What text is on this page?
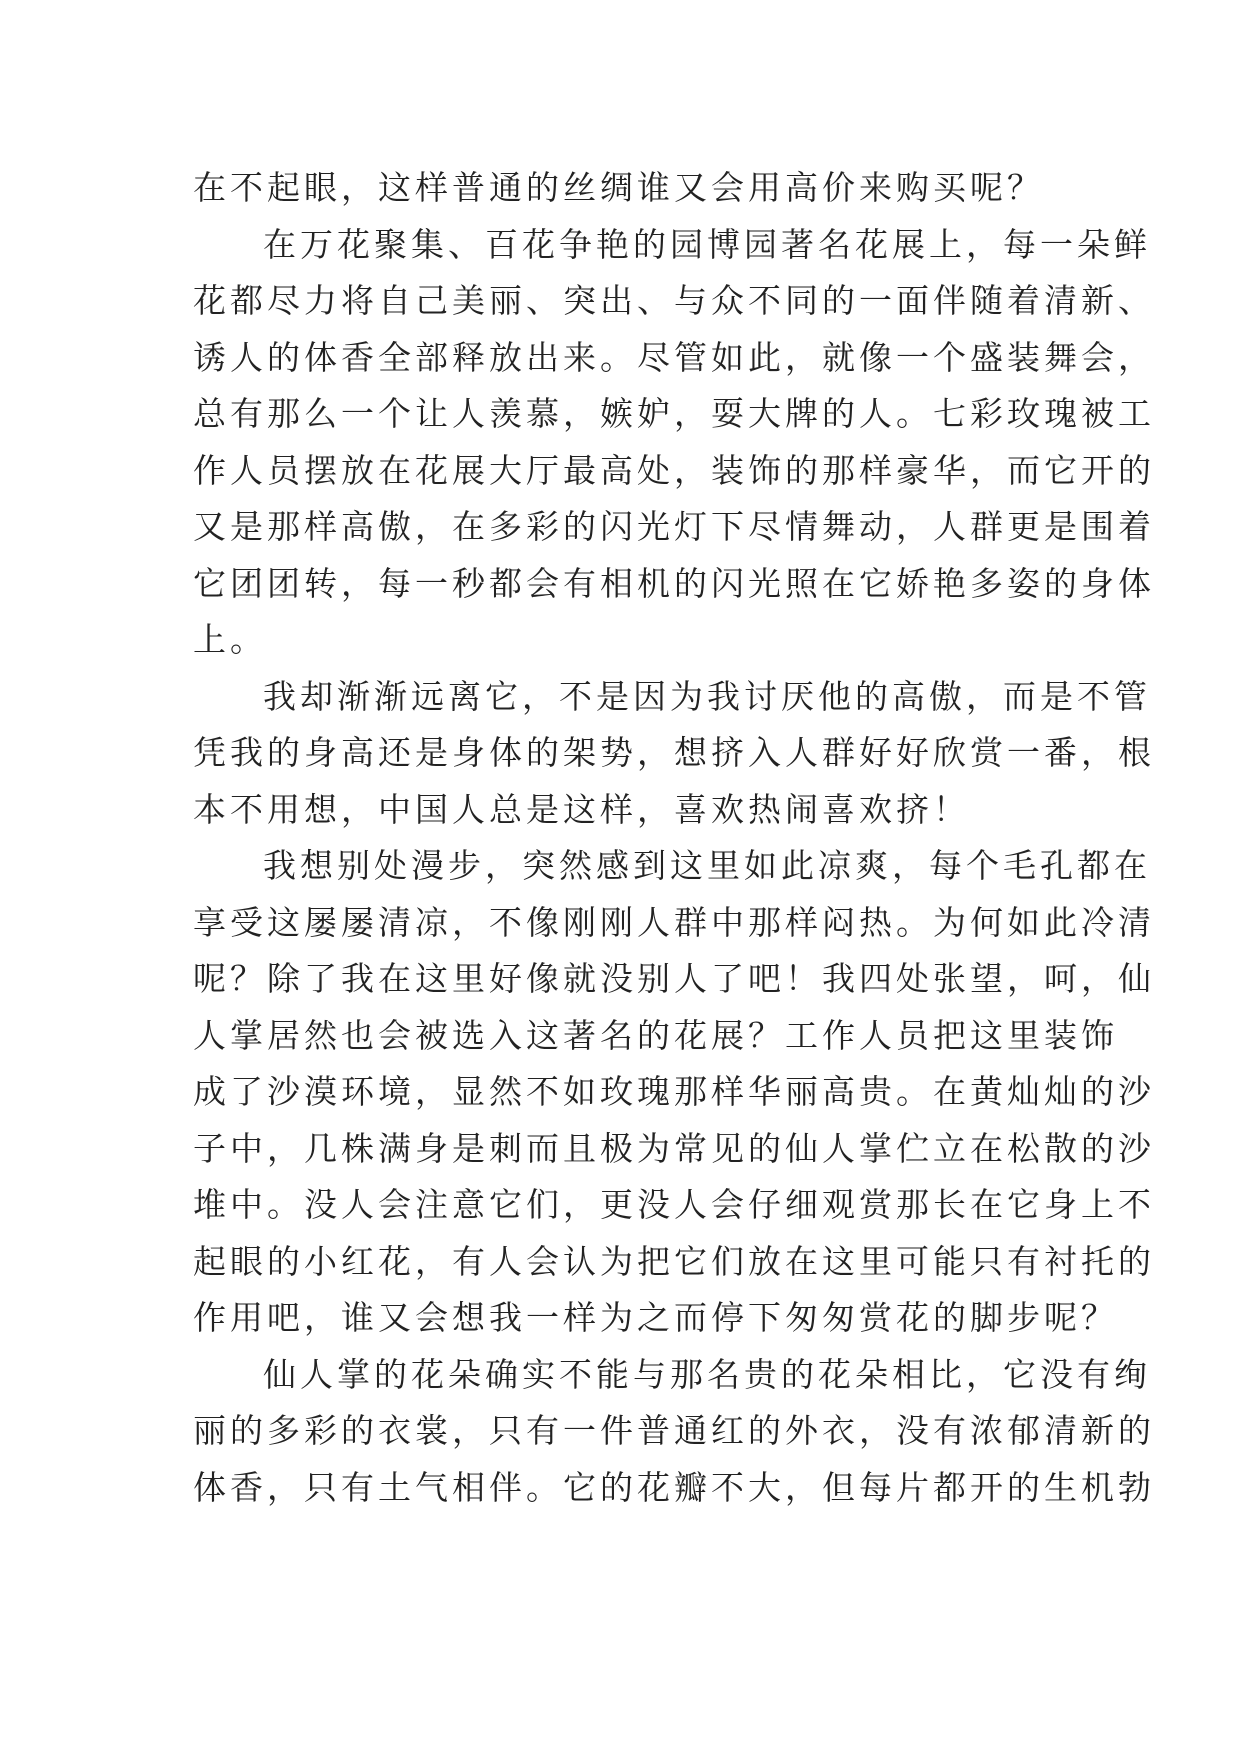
在不起眼，这样普通的丝绸谁又会用高价来购买呢？
在万花聚集、百花争艳的园博园著名花展上，每一朵鲜
花都尽力将自己美丽、突出、与众不同的一面伴随着清新、
诱人的体香全部释放出来。尽管如此，就像一个盛装舞会，
总有那么一个让人羡慕，嫉妒，耍大牌的人。七彩玫瑰被工
作人员摆放在花展大厅最高处，装饰的那样豪华，而它开的
又是那样高傲，在多彩的闪光灯下尽情舞动，人群更是围着
它团团转，每一秒都会有相机的闪光照在它娇艳多姿的身体
上。
我却渐渐远离它，不是因为我讨厌他的高傲，而是不管
凭我的身高还是身体的架势，想挤入人群好好欣赏一番，根
本不用想，中国人总是这样，喜欢热闹喜欢挤！
我想别处漫步，突然感到这里如此凉爽，每个毛孔都在
享受这屡屡清凉，不像刚刚人群中那样闷热。为何如此冷清
呢？除了我在这里好像就没别人了吧！我四处张望，呵，仙
人掌居然也会被选入这著名的花展？工作人员把这里装饰
成了沙漠环境，显然不如玫瑰那样华丽高贵。在黄灿灿的沙
子中，几株满身是刺而且极为常见的仙人掌伫立在松散的沙
堆中。没人会注意它们，更没人会仔细观赏那长在它身上不
起眼的小红花，有人会认为把它们放在这里可能只有衬托的
作用吧，谁又会想我一样为之而停下匆匆赏花的脚步呢？
仙人掌的花朵确实不能与那名贵的花朵相比，它没有绚
丽的多彩的衣裳，只有一件普通红的外衣，没有浓郁清新的
体香，只有土气相伴。它的花瓣不大，但每片都开的生机勃
